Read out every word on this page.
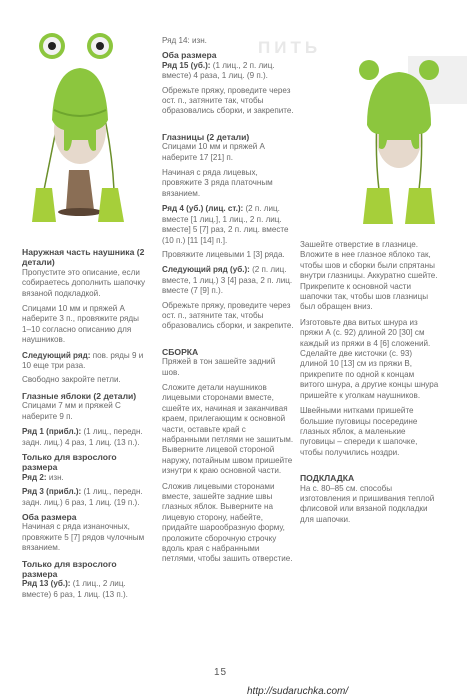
ПИТЬ

Наружная часть наушника (2 детали)

Пропустите это описание, если собираетесь дополнить шапочку вязаной подкладкой.

Спицами 10 мм и пряжей А наберите 3 п., провяжите ряды 1–10 согласно описанию для наушников.

Следующий ряд: пов. ряды 9 и 10 еще три раза.

Свободно закройте петли.

Глазные яблоки (2 детали)

Спицами 7 мм и пряжей С наберите 9 п.

Ряд 1 (прибл.): (1 лиц., передн. задн. лиц.) 4 раз, 1 лиц. (13 п.).

Только для взрослого размера

Ряд 2: изн.

Ряд 3 (прибл.): (1 лиц., передн. задн. лиц.) 6 раз, 1 лиц. (19 п.).

Оба размера

Начиная с ряда изнаночных, провяжите 5 [7] рядов чулочным вязанием.

Только для взрослого размера

Ряд 13 (уб.): (1 лиц., 2 лиц. вместе) 6 раз, 1 лиц. (13 п.).

Ряд 14: изн.

Оба размера

Ряд 15 (уб.): (1 лиц., 2 п. лиц. вместе) 4 раза, 1 лиц. (9 п.).

Обрежьте пряжу, проведите через ост. п., затяните так, чтобы образовались сборки, и закрепите.

Глазницы (2 детали)

Спицами 10 мм и пряжей А наберите 17 [21] п.

Начиная с ряда лицевых, провяжите 3 ряда платочным вязанием.

Ряд 4 (уб.) (лиц. ст.): (2 п. лиц. вместе [1 лиц.], 1 лиц., 2 п. лиц. вместе] 5 [7] раз, 2 п. лиц. вместе (10 п.) [11 [14] п.].

Провяжите лицевыми 1 [3] ряда.

Следующий ряд (уб.): (2 п. лиц. вместе, 1 лиц.) 3 [4] раза, 2 п. лиц. вместе (7 [9] п.).

Обрежьте пряжу, проведите через ост. п., затяните так, чтобы образовались сборки, и закрепите.

СБОРКА

Пряжей в тон зашейте задний шов.

Сложите детали наушников лицевыми сторонами вместе, сшейте их, начиная и заканчивая краем, прилегающим к основной части, оставьте край с набранными петлями не зашитым. Выверните лицевой стороной наружу, потайным швом пришейте изнутри к краю основной части.

Сложив лицевыми сторонами вместе, зашейте задние швы глазных яблок. Выверните на лицевую сторону, набейте, придайте шарообразную форму, проложите сборочную строчку вдоль края с набранными петлями, чтобы зашить отверстие.

Зашейте отверстие в глазнице. Вложите в нее глазное яблоко так, чтобы шов и сборки были спрятаны внутри глазницы. Аккуратно сшейте. Прикрепите к основной части шапочки так, чтобы шов глазницы был обращен вниз.

Изготовьте два витых шнура из пряжи А (с. 92) длиной 20 [30] см каждый из пряжи в 4 [6] сложений. Сделайте две кисточки (с. 93) длиной 10 [13] см из пряжи В, прикрепите по одной к концам витого шнура, а другие концы шнура пришейте к уголкам наушников.

Швейными нитками пришейте большие пуговицы посередине глазных яблок, а маленькие пуговицы – спереди к шапочке, чтобы получились ноздри.

ПОДКЛАДКА

На с. 80–85 см. способы изготовления и пришивания теплой флисовой или вязаной подкладки для шапочки.

15
http://sudaruchka.com/
